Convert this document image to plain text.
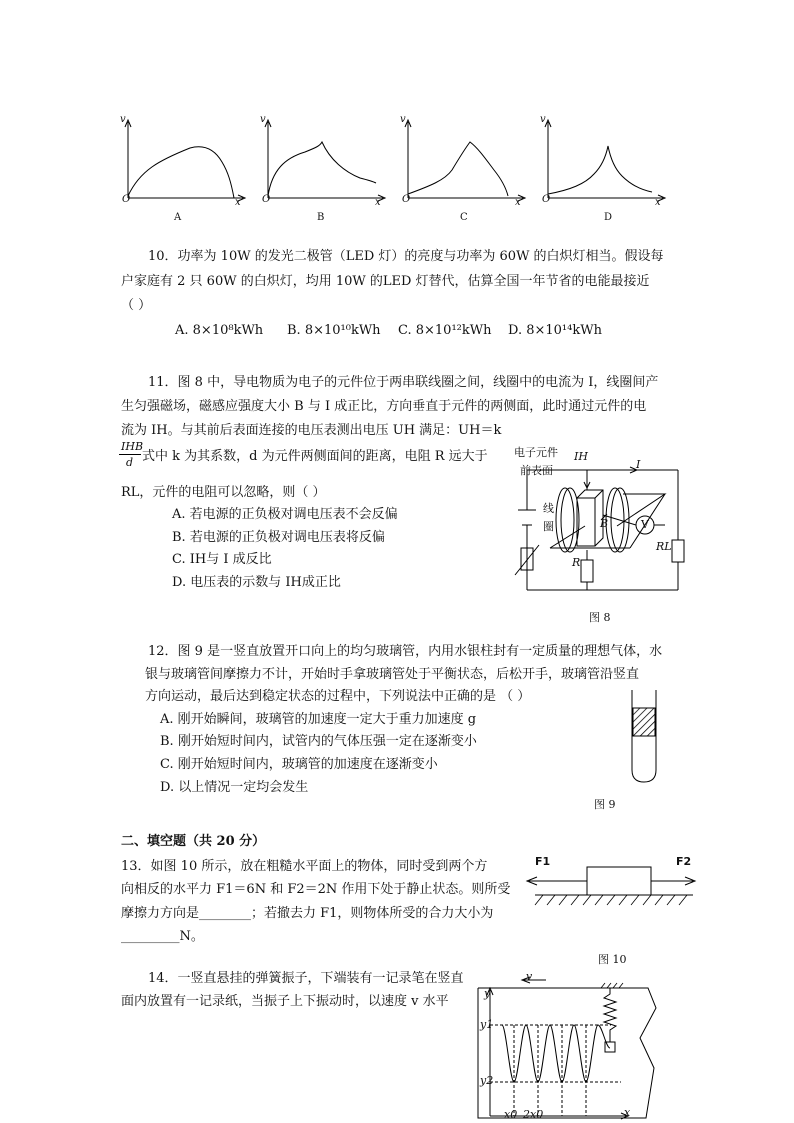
v
O	x
A
v
O	x
B
v
O	x
C
v
O	x
D
10．功率为 10W 的发光二极管（LED 灯）的亮度与功率为 60W 的白炽灯相当。假设每
户家庭有 2 只 60W 的白炽灯，均用 10W 的LED 灯替代，估算全国一年节省的电能最接近
（ ）
A. 8×10⁸kWh B. 8×10¹⁰kWh C. 8×10¹²kWh D. 8×10¹⁴kWh
11．图 8 中，导电物质为电子的元件位于两串联线圈之间，线圈中的电流为 I，线圈间产
生匀强磁场，磁感应强度大小 B 与 I 成正比，方向垂直于元件的两侧面，此时通过元件的电
流为 IH。与其前后表面连接的电压表测出电压 UH 满足：UH＝k
IHB
d 式中 k 为其系数，d 为元件两侧面间的距离，电阻 R 远大于
RL，元件的电阻可以忽略，则（ ）
A. 若电源的正负极对调电压表不会反偏
B. 若电源的正负极对调电压表将反偏
C. IH与 I 成反比
D. 电压表的示数与 IH成正比
电子元件
前表面
IH
I
线
圈	B	V
RL
R
图 8
12．图 9 是一竖直放置开口向上的均匀玻璃管，内用水银柱封有一定质量的理想气体，水
银与玻璃管间摩擦力不计，开始时手拿玻璃管处于平衡状态，后松开手，玻璃管沿竖直
方向运动，最后达到稳定状态的过程中，下列说法中正确的是 （ ）
A. 刚开始瞬间，玻璃管的加速度一定大于重力加速度 g
B. 刚开始短时间内，试管内的气体压强一定在逐渐变小
C. 刚开始短时间内，玻璃管的加速度在逐渐变小
D. 以上情况一定均会发生
图 9
二、填空题（共 20 分）
13．如图 10 所示，放在粗糙水平面上的物体，同时受到两个方
向相反的水平力 F1＝6N 和 F2＝2N 作用下处于静止状态。则所受
摩擦力方向是________；若撤去力 F1，则物体所受的合力大小为
_________N。
F1	F2
图 10
14．一竖直悬挂的弹簧振子，下端装有一记录笔在竖直
面内放置有一记录纸，当振子上下振动时，以速度 v 水平
v
y
y1
y2
x0 2x0	x
